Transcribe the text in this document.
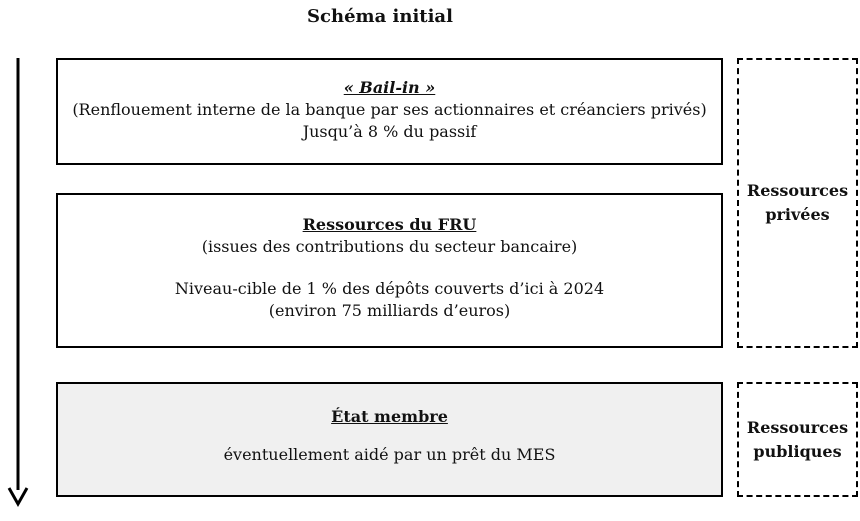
Schéma initial
« Bail-in »
(Renflouement interne de la banque par ses actionnaires et créanciers privés)
Jusqu’à 8 % du passif
Ressources du FRU
(issues des contributions du secteur bancaire)
Niveau-cible de 1 % des dépôts couverts d’ici à 2024
(environ 75 milliards d’euros)
État membre
éventuellement aidé par un prêt du MES
Ressources
privées
Ressources
publiques
